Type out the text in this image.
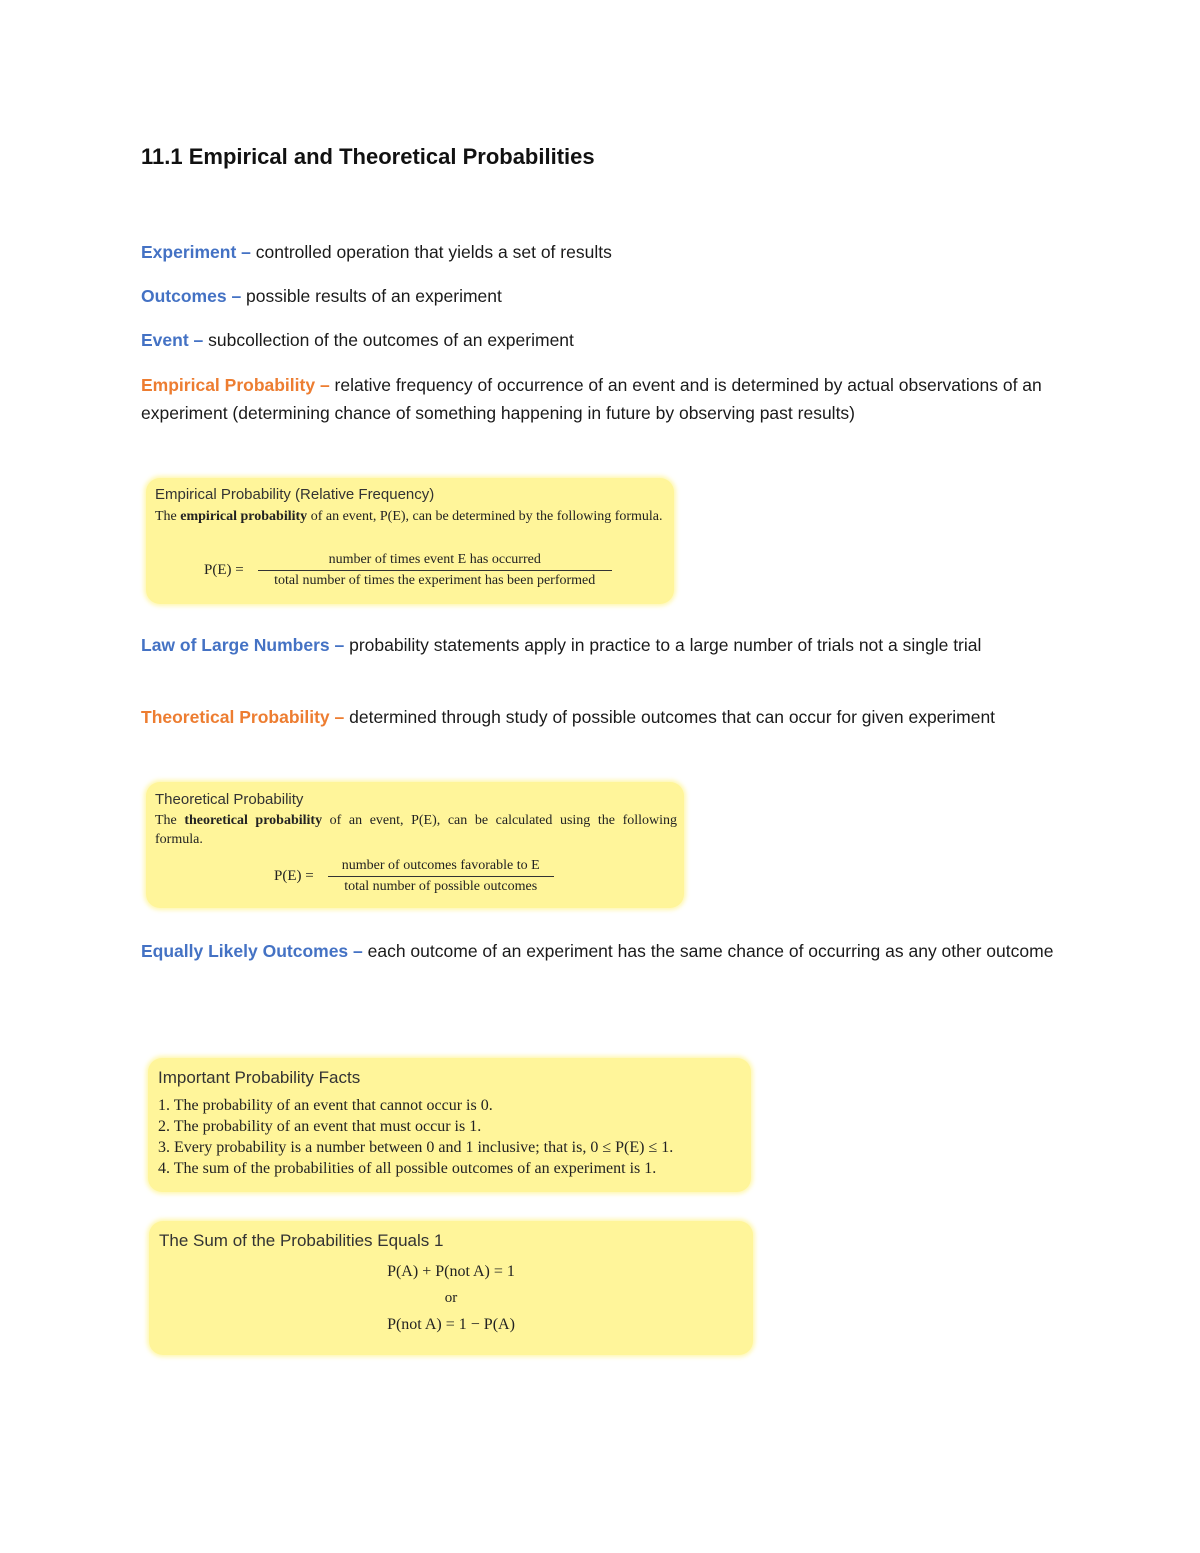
11.1 Empirical and Theoretical Probabilities
Experiment – controlled operation that yields a set of results
Outcomes – possible results of an experiment
Event – subcollection of the outcomes of an experiment
Empirical Probability – relative frequency of occurrence of an event and is determined by actual observations of an experiment (determining chance of something happening in future by observing past results)
Empirical Probability (Relative Frequency)
The empirical probability of an event, P(E), can be determined by the following formula.
$P(E) = \frac{\text{number of times event E has occurred}}{\text{total number of times the experiment has been performed}}$
Law of Large Numbers – probability statements apply in practice to a large number of trials not a single trial
Theoretical Probability – determined through study of possible outcomes that can occur for given experiment
Theoretical Probability
The theoretical probability of an event, P(E), can be calculated using the following formula.
$P(E) = \frac{\text{number of outcomes favorable to E}}{\text{total number of possible outcomes}}$
Equally Likely Outcomes – each outcome of an experiment has the same chance of occurring as any other outcome
Important Probability Facts
1. The probability of an event that cannot occur is 0.
2. The probability of an event that must occur is 1.
3. Every probability is a number between 0 and 1 inclusive; that is, 0 ≤ P(E) ≤ 1.
4. The sum of the probabilities of all possible outcomes of an experiment is 1.
The Sum of the Probabilities Equals 1
P(A) + P(not A) = 1
or
P(not A) = 1 − P(A)
